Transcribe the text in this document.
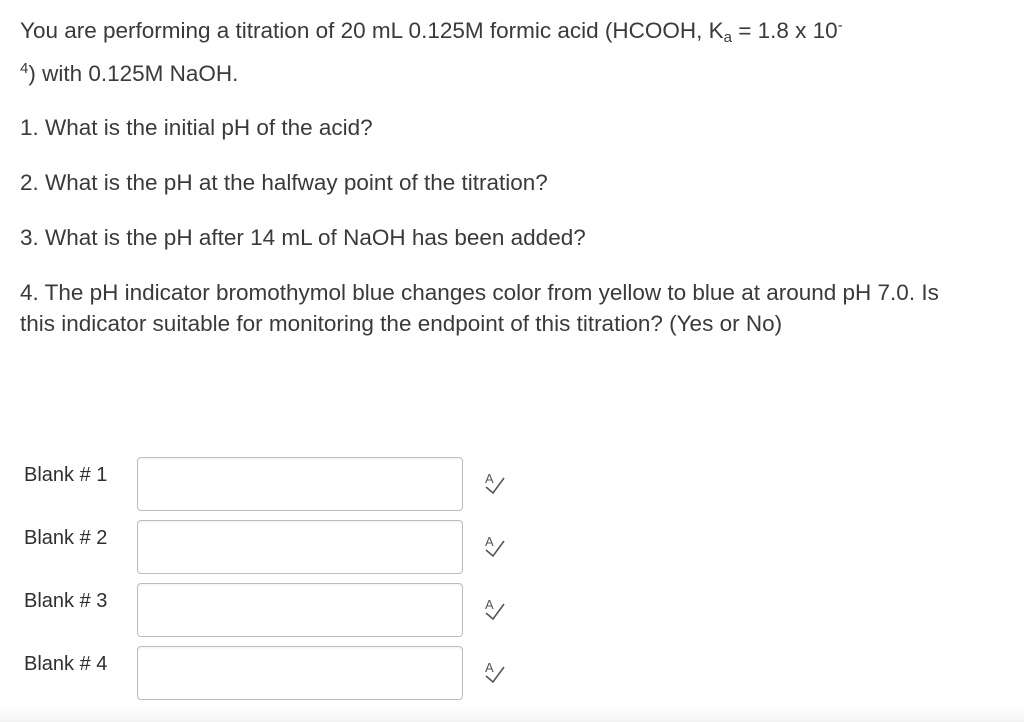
You are performing a titration of 20 mL 0.125M formic acid (HCOOH, $K_a = 1.8$ x 10-
$^4$) with 0.125M NaOH.

1. What is the initial pH of the acid?

2. What is the pH at the halfway point of the titration?

3. What is the pH after 14 mL of NaOH has been added?

4. The pH indicator bromothymol blue changes color from yellow to blue at around pH 7.0. Is this indicator suitable for monitoring the endpoint of this titration? (Yes or No)

Blank # 1	A
Blank # 2	A
Blank # 3	A
Blank # 4	A
